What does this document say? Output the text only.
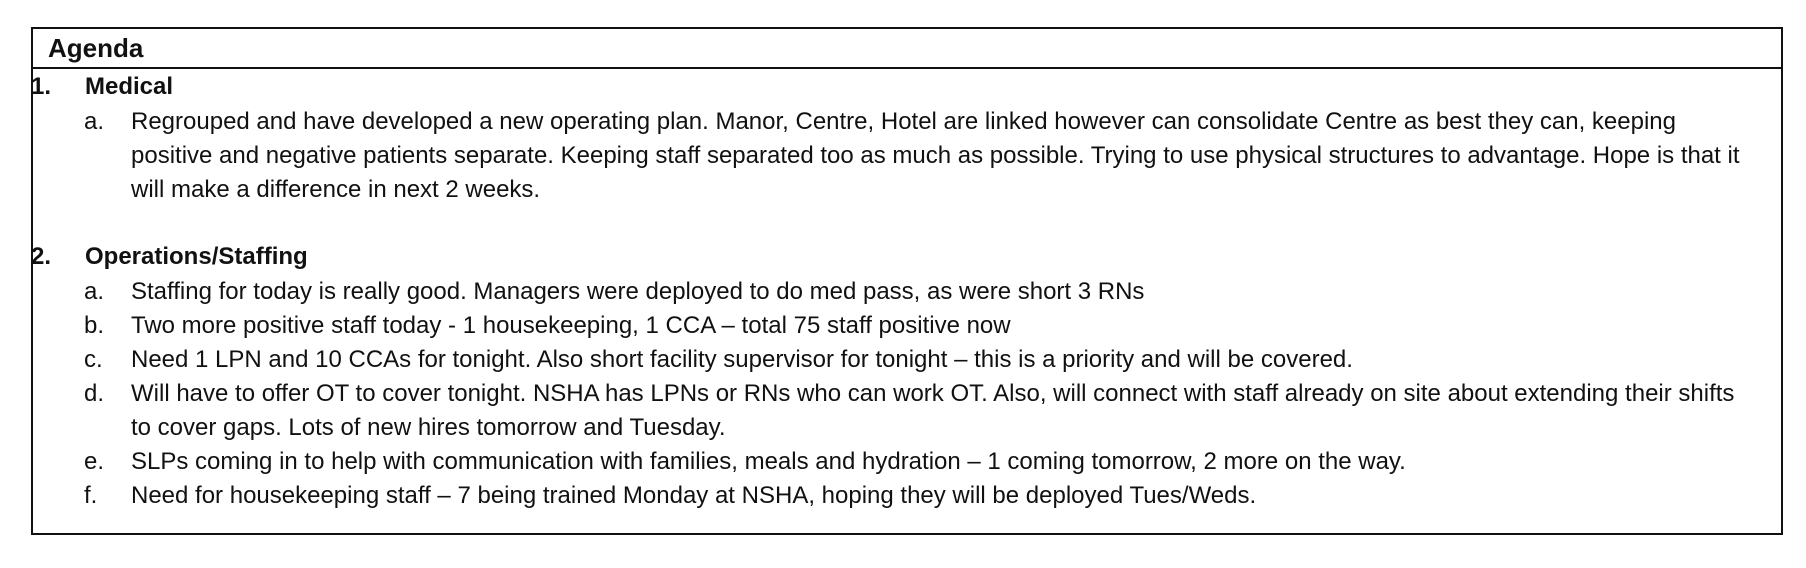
Agenda
1. Medical
a. Regrouped and have developed a new operating plan. Manor, Centre, Hotel are linked however can consolidate Centre as best they can, keeping positive and negative patients separate. Keeping staff separated too as much as possible. Trying to use physical structures to advantage. Hope is that it will make a difference in next 2 weeks.
2. Operations/Staffing
a. Staffing for today is really good. Managers were deployed to do med pass, as were short 3 RNs
b. Two more positive staff today - 1 housekeeping, 1 CCA – total 75 staff positive now
c. Need 1 LPN and 10 CCAs for tonight. Also short facility supervisor for tonight – this is a priority and will be covered.
d. Will have to offer OT to cover tonight. NSHA has LPNs or RNs who can work OT. Also, will connect with staff already on site about extending their shifts to cover gaps. Lots of new hires tomorrow and Tuesday.
e. SLPs coming in to help with communication with families, meals and hydration – 1 coming tomorrow, 2 more on the way.
f. Need for housekeeping staff – 7 being trained Monday at NSHA, hoping they will be deployed Tues/Weds.
